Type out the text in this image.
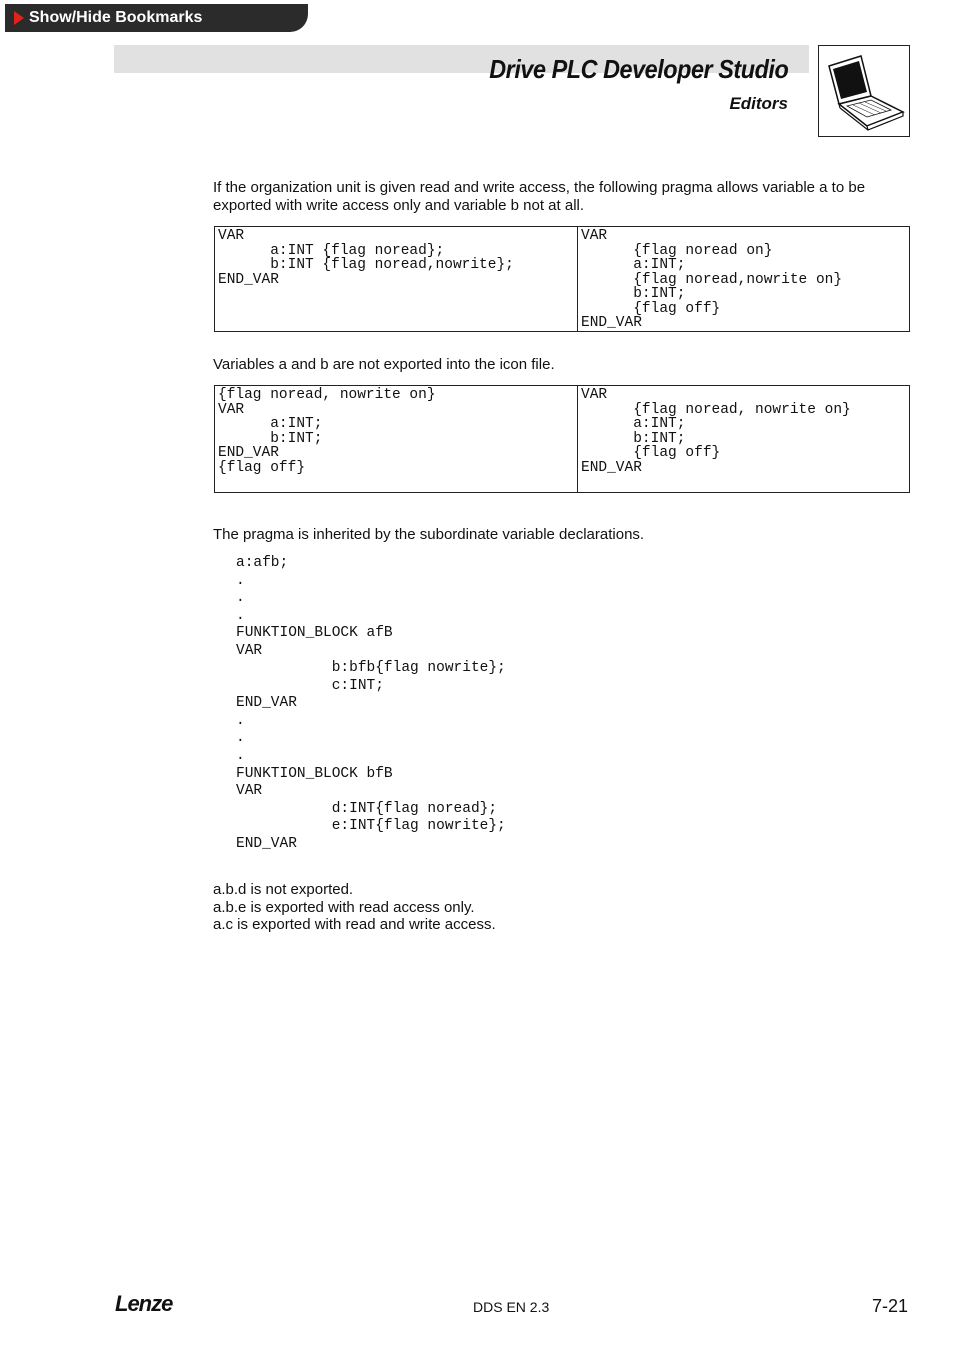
Show/Hide Bookmarks
Drive PLC Developer Studio
Editors
If the organization unit is given read and write access, the following pragma allows variable a to be exported with write access only and variable b not at all.
VAR
a:INT {flag noread};
b:INT {flag noread,nowrite};
END_VAR
VAR
{flag noread on}
a:INT;
{flag noread,nowrite on}
b:INT;
{flag off}
END_VAR
Variables a and b are not exported into the icon file.
{flag noread, nowrite on}
VAR
a:INT;
b:INT;
END_VAR
{flag off}
VAR
{flag noread, nowrite on}
a:INT;
b:INT;
{flag off}
END_VAR
The pragma is inherited by the subordinate variable declarations.
a:afb;
.
.
.
FUNKTION_BLOCK afB
VAR
b:bfb{flag nowrite};
c:INT;
END_VAR
.
.
.
FUNKTION_BLOCK bfB
VAR
d:INT{flag noread};
e:INT{flag nowrite};
END_VAR
a.b.d is not exported.
a.b.e is exported with read access only.
a.c is exported with read and write access.
Lenze	DDS EN 2.3	7-21
